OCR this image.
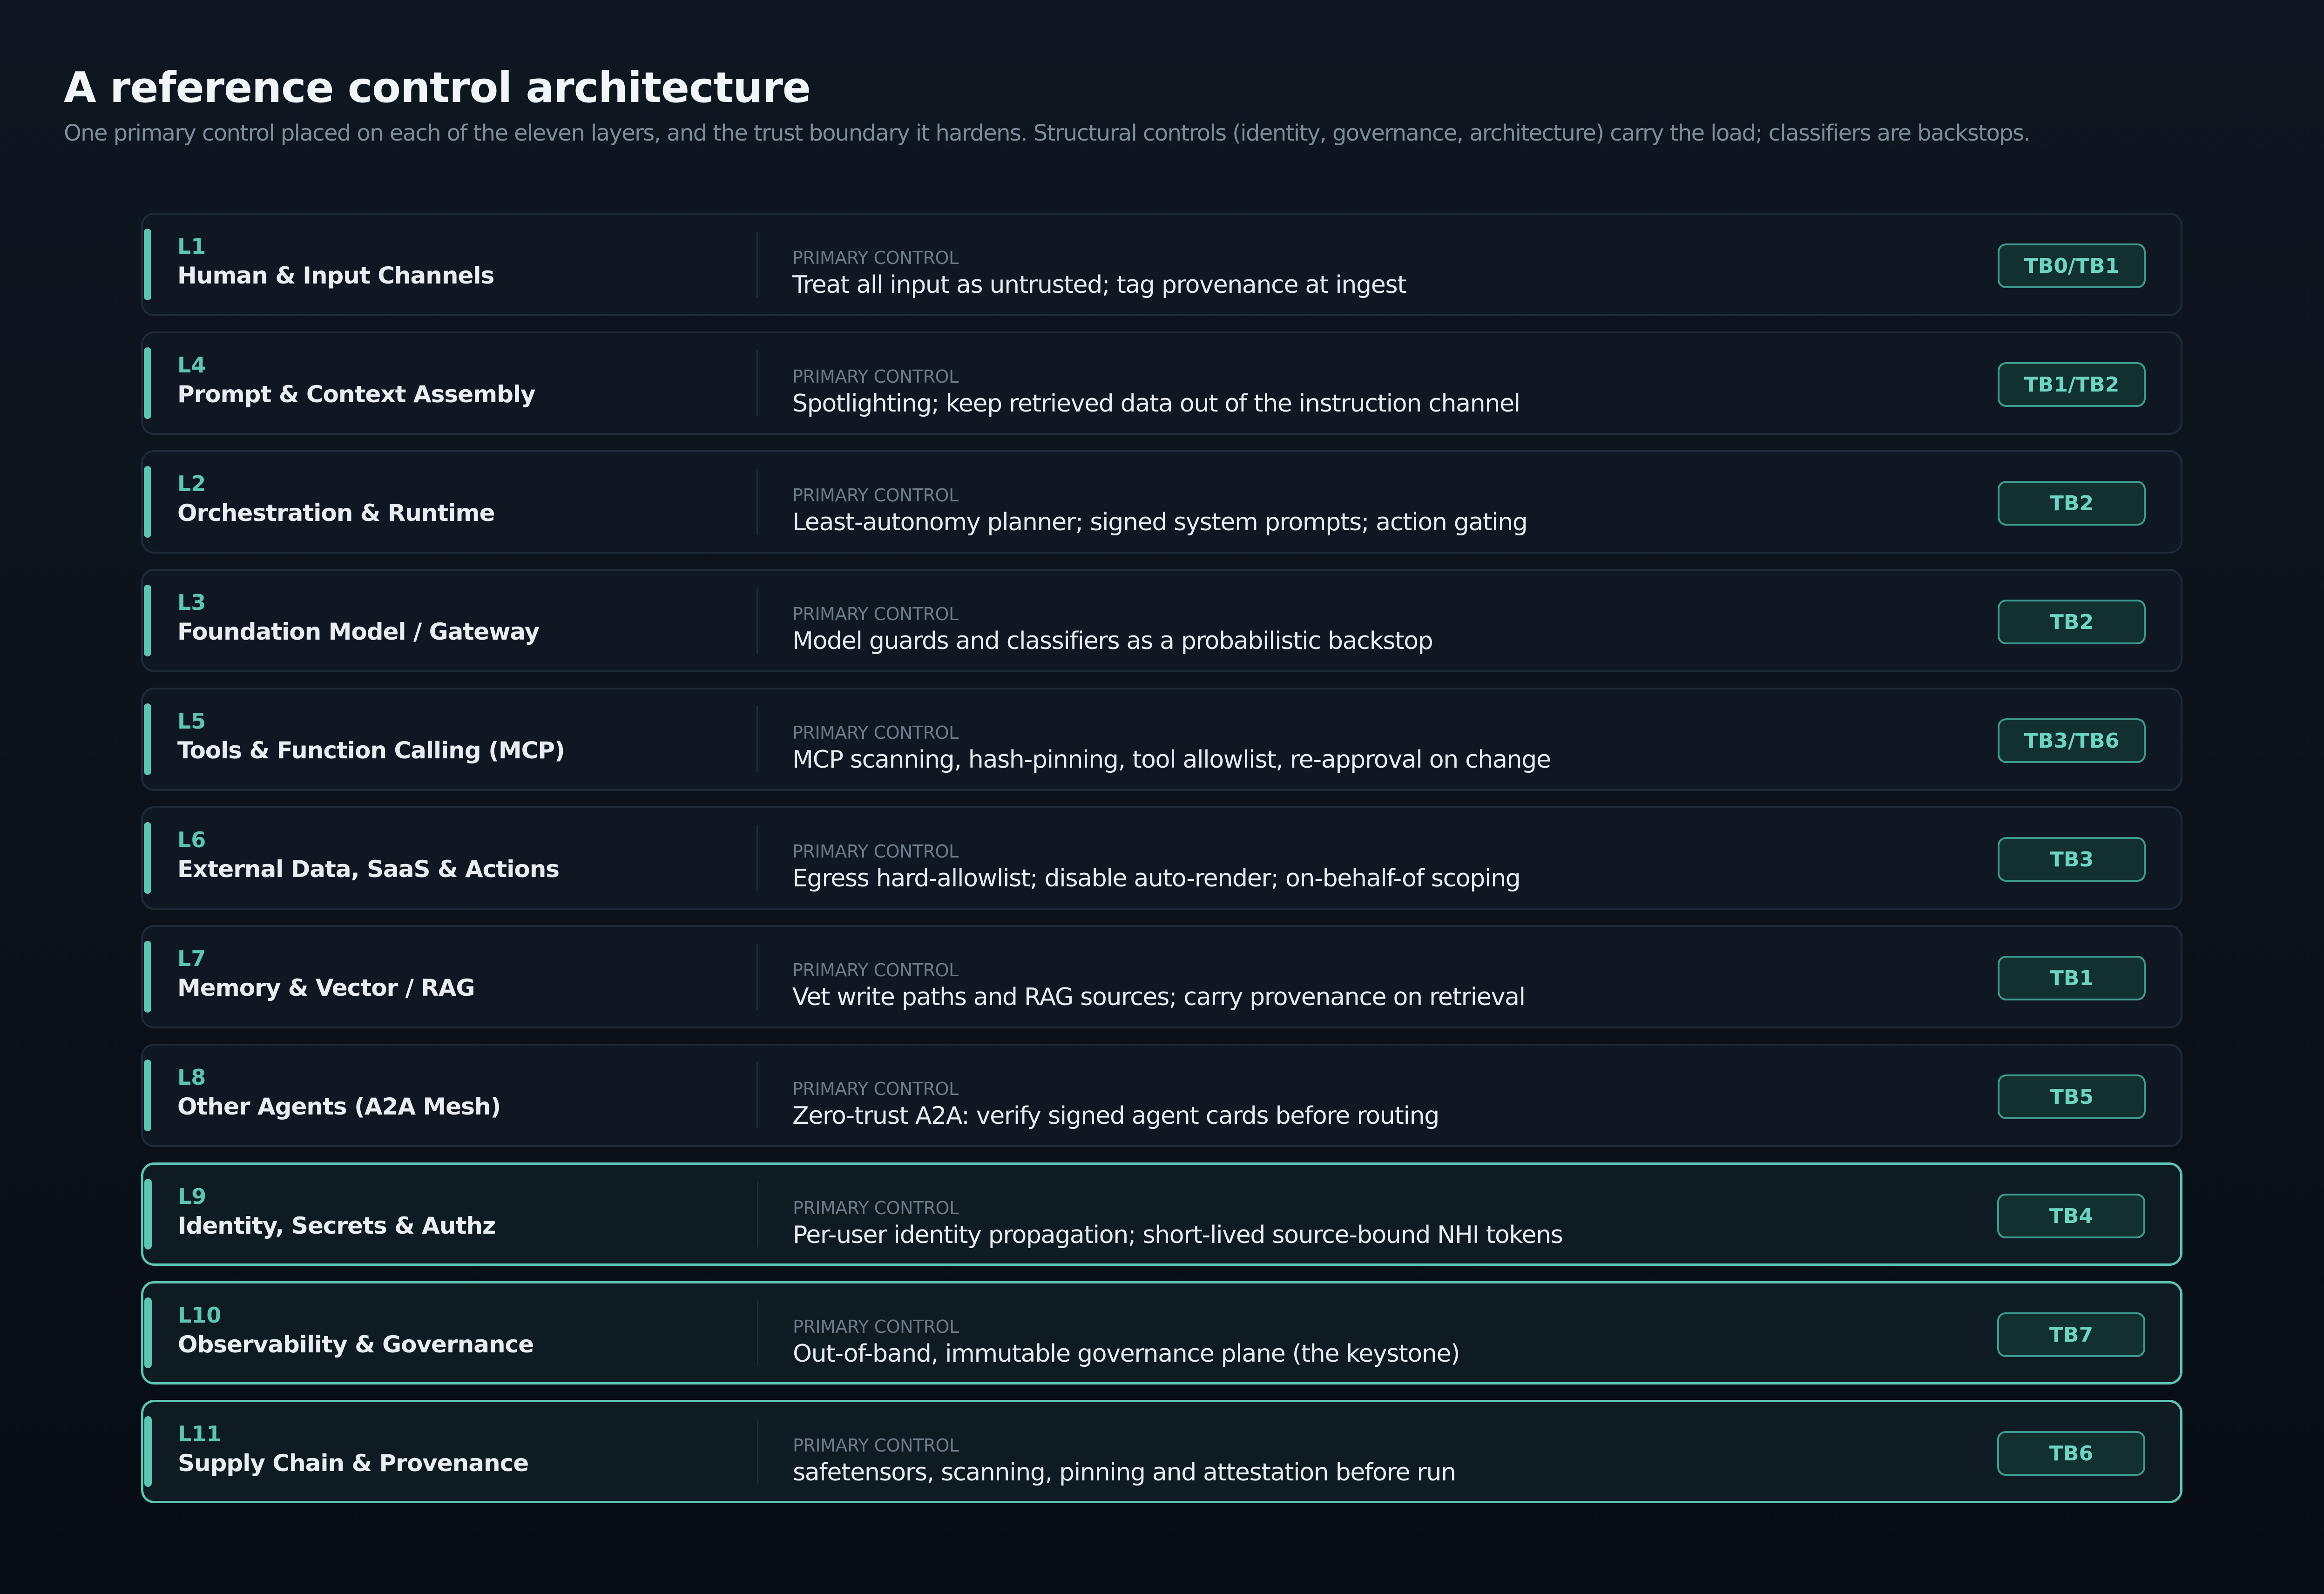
A reference control architecture
One primary control placed on each of the eleven layers, and the trust boundary it hardens. Structural controls (identity, governance, architecture) carry the load; classifiers are backstops.
L1
Human & Input Channels
PRIMARY CONTROL
Treat all input as untrusted; tag provenance at ingest
TB0/TB1
L4
Prompt & Context Assembly
PRIMARY CONTROL
Spotlighting; keep retrieved data out of the instruction channel
TB1/TB2
L2
Orchestration & Runtime
PRIMARY CONTROL
Least-autonomy planner; signed system prompts; action gating
TB2
L3
Foundation Model / Gateway
PRIMARY CONTROL
Model guards and classifiers as a probabilistic backstop
TB2
L5
Tools & Function Calling (MCP)
PRIMARY CONTROL
MCP scanning, hash-pinning, tool allowlist, re-approval on change
TB3/TB6
L6
External Data, SaaS & Actions
PRIMARY CONTROL
Egress hard-allowlist; disable auto-render; on-behalf-of scoping
TB3
L7
Memory & Vector / RAG
PRIMARY CONTROL
Vet write paths and RAG sources; carry provenance on retrieval
TB1
L8
Other Agents (A2A Mesh)
PRIMARY CONTROL
Zero-trust A2A: verify signed agent cards before routing
TB5
L9
Identity, Secrets & Authz
PRIMARY CONTROL
Per-user identity propagation; short-lived source-bound NHI tokens
TB4
L10
Observability & Governance
PRIMARY CONTROL
Out-of-band, immutable governance plane (the keystone)
TB7
L11
Supply Chain & Provenance
PRIMARY CONTROL
safetensors, scanning, pinning and attestation before run
TB6
